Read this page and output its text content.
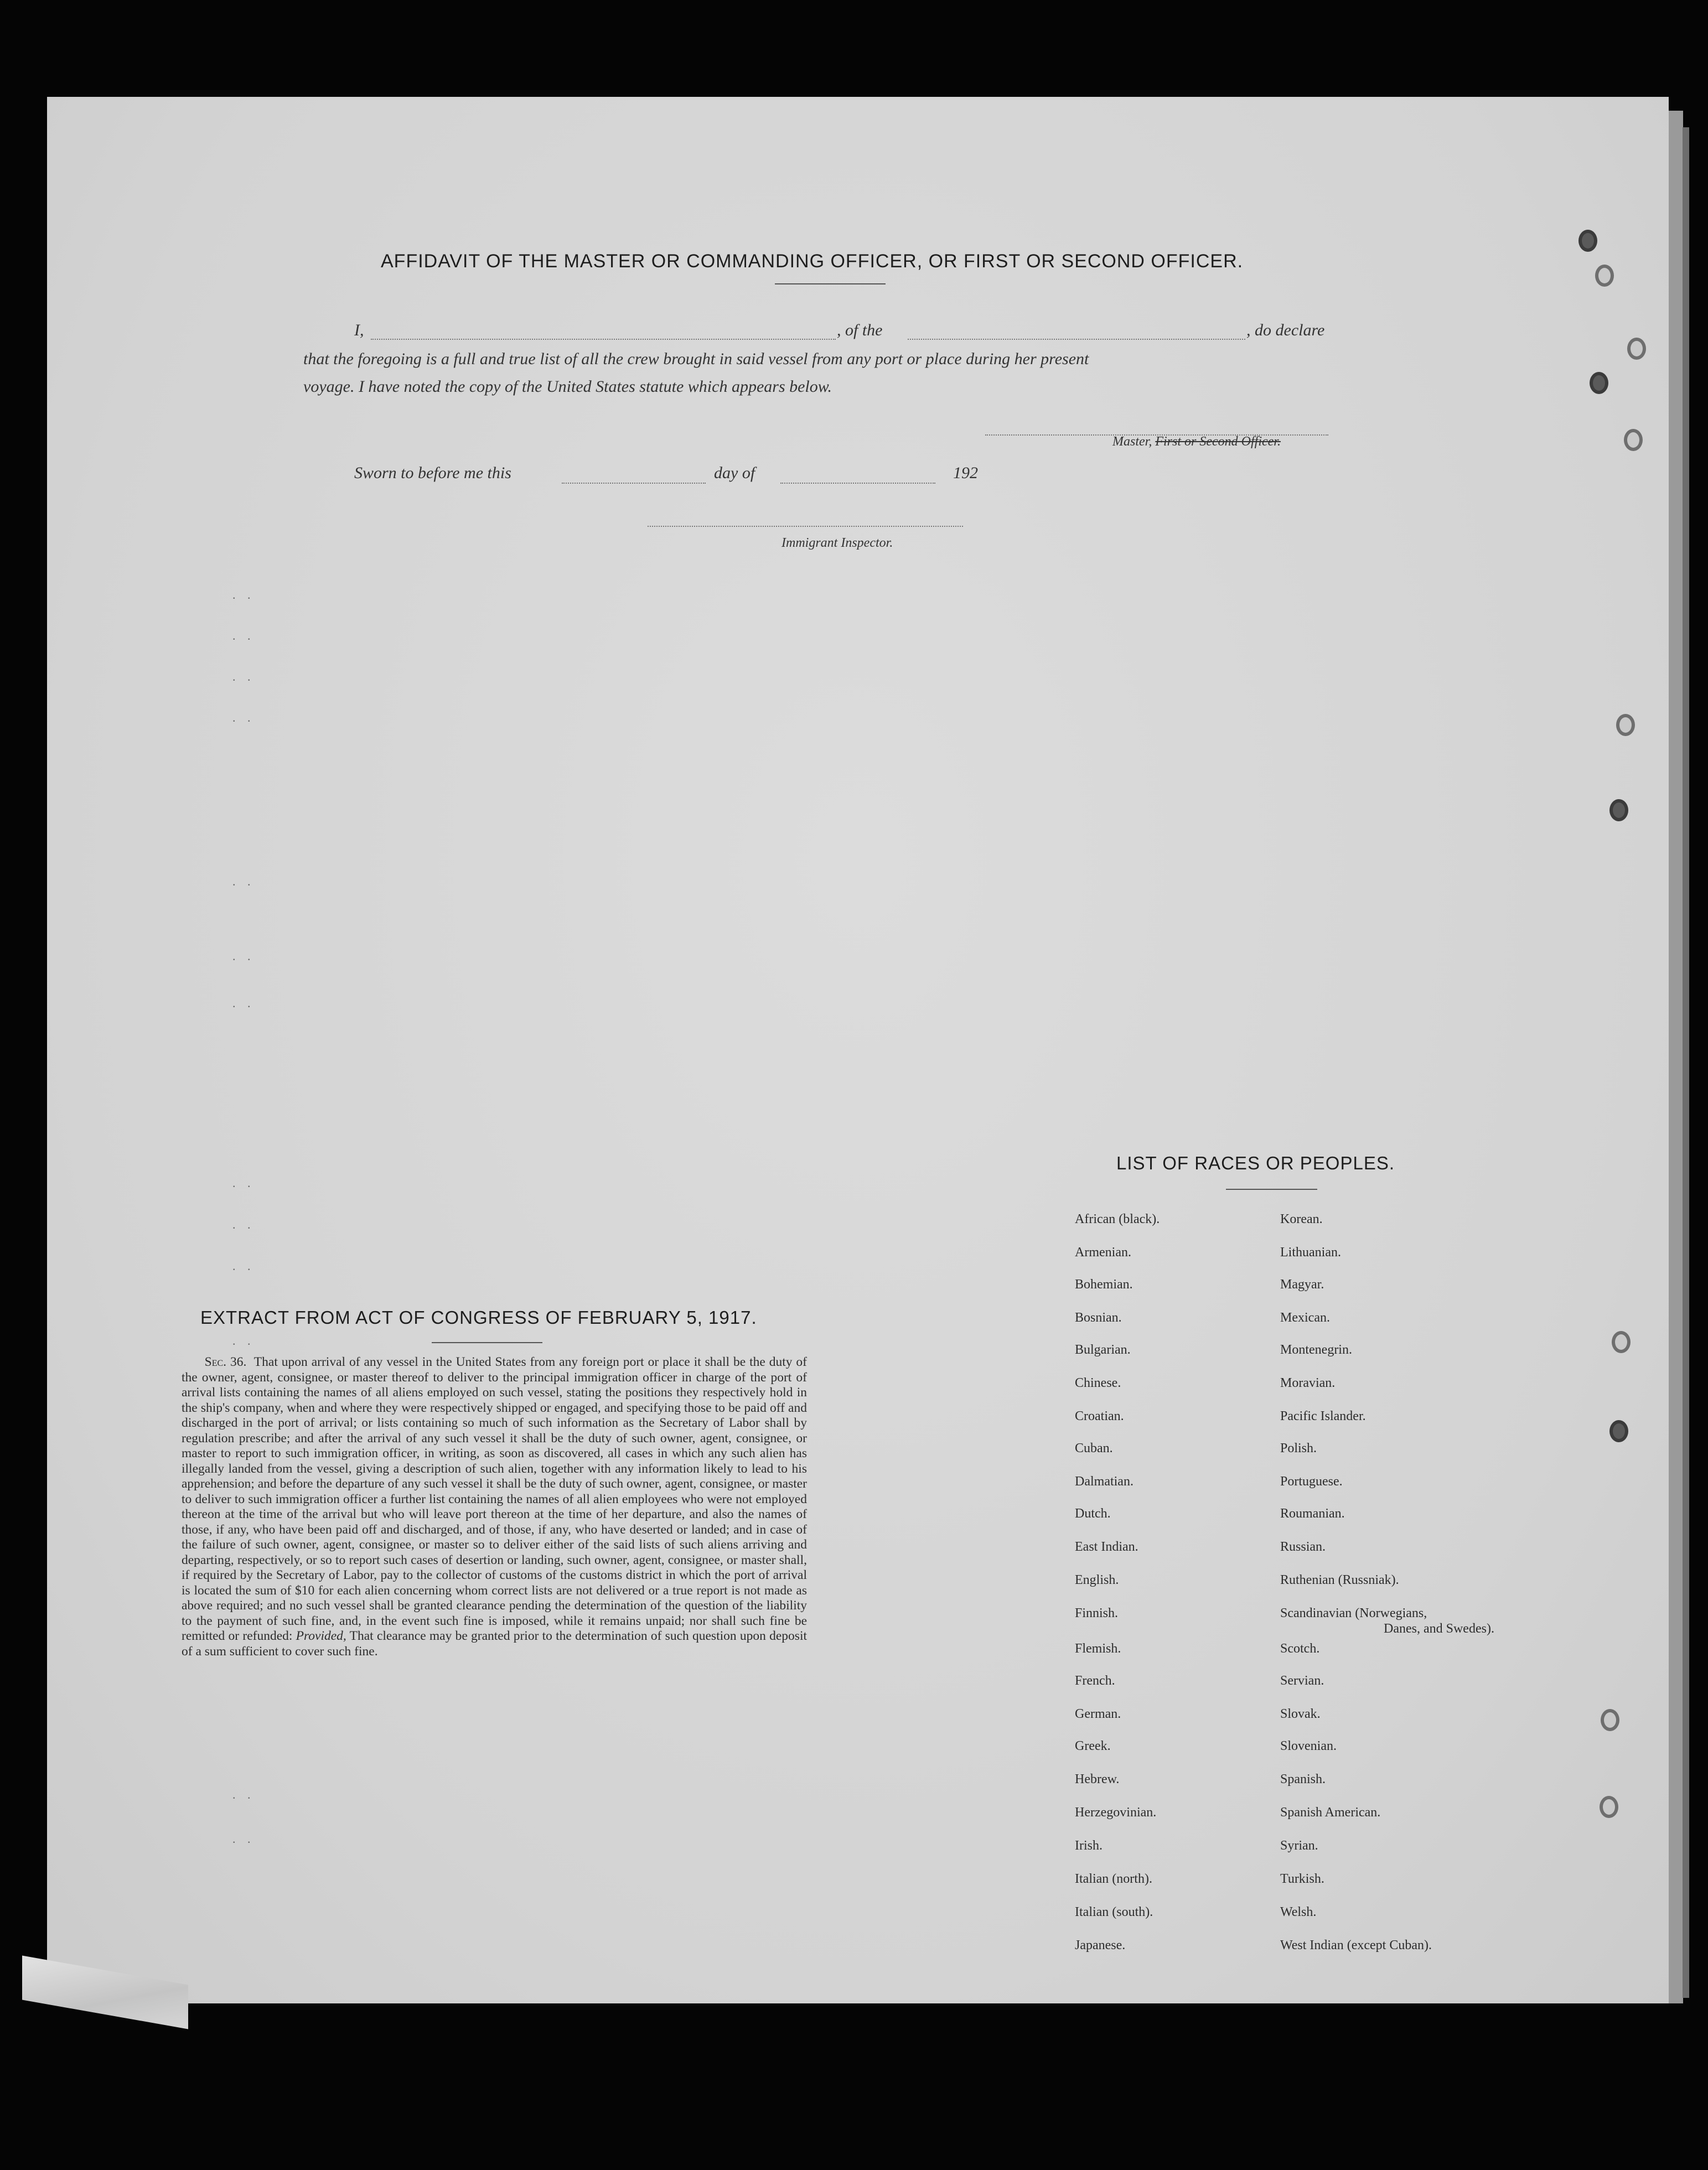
AFFIDAVIT OF THE MASTER OR COMMANDING OFFICER, OR FIRST OR SECOND OFFICER.
I,	, of the	, do declare
that the foregoing is a full and true list of all the crew brought in said vessel from any port or place during her present
voyage. I have noted the copy of the United States statute which appears below.
Master, First or Second Officer.
Sworn to before me this	day of	192
Immigrant Inspector.
. .
. .
. .
. .
. .
. .
. .
. .
. .
. .
. .
. .
. .
EXTRACT FROM ACT OF CONGRESS OF FEBRUARY 5, 1917.
Sec. 36. That upon arrival of any vessel in the United States from any foreign port or place it shall be the duty of the owner, agent, consignee, or master thereof to deliver to the principal immigration officer in charge of the port of arrival lists containing the names of all aliens employed on such vessel, stating the positions they respectively hold in the ship's company, when and where they were respectively shipped or engaged, and specifying those to be paid off and discharged in the port of arrival; or lists containing so much of such information as the Secretary of Labor shall by regulation prescribe; and after the arrival of any such vessel it shall be the duty of such owner, agent, consignee, or master to report to such immigration officer, in writing, as soon as discovered, all cases in which any such alien has illegally landed from the vessel, giving a description of such alien, together with any information likely to lead to his apprehension; and before the departure of any such vessel it shall be the duty of such owner, agent, consignee, or master to deliver to such immigration officer a further list containing the names of all alien employees who were not employed thereon at the time of the arrival but who will leave port thereon at the time of her departure, and also the names of those, if any, who have been paid off and discharged, and of those, if any, who have deserted or landed; and in case of the failure of such owner, agent, consignee, or master so to deliver either of the said lists of such aliens arriving and departing, respectively, or so to report such cases of desertion or landing, such owner, agent, consignee, or master shall, if required by the Secretary of Labor, pay to the collector of customs of the customs district in which the port of arrival is located the sum of $10 for each alien concerning whom correct lists are not delivered or a true report is not made as above required; and no such vessel shall be granted clearance pending the determination of the question of the liability to the payment of such fine, and, in the event such fine is imposed, while it remains unpaid; nor shall such fine be remitted or refunded: Provided, That clearance may be granted prior to the determination of such question upon deposit of a sum sufficient to cover such fine.
LIST OF RACES OR PEOPLES.
African (black).
Armenian.
Bohemian.
Bosnian.
Bulgarian.
Chinese.
Croatian.
Cuban.
Dalmatian.
Dutch.
East Indian.
English.
Finnish.
Flemish.
French.
German.
Greek.
Hebrew.
Herzegovinian.
Irish.
Italian (north).
Italian (south).
Japanese.
Korean.
Lithuanian.
Magyar.
Mexican.
Montenegrin.
Moravian.
Pacific Islander.
Polish.
Portuguese.
Roumanian.
Russian.
Ruthenian (Russniak).
Scandinavian (Norwegians,
Scotch.
Servian.
Slovak.
Slovenian.
Spanish.
Spanish American.
Syrian.
Turkish.
Welsh.
West Indian (except Cuban).
Danes, and Swedes).
